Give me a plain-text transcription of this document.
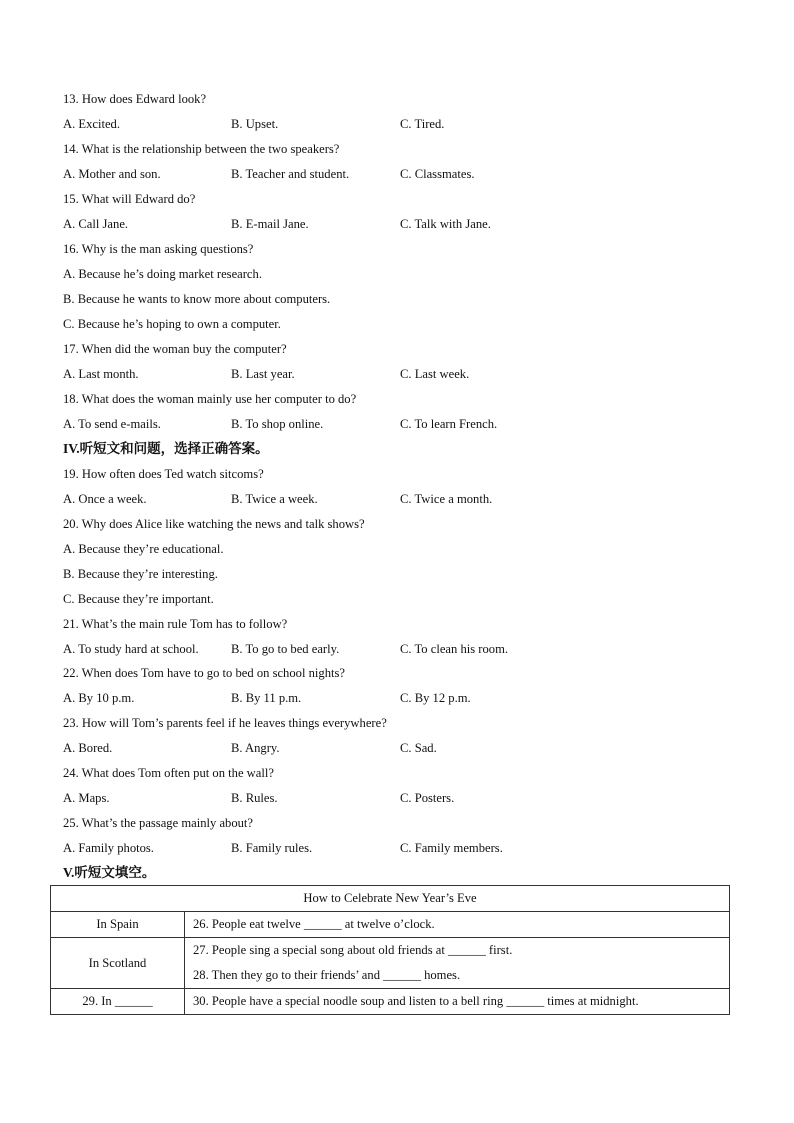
13. How does Edward look?
A. Excited.	B. Upset.	C. Tired.
14. What is the relationship between the two speakers?
A. Mother and son.	B. Teacher and student.	C. Classmates.
15. What will Edward do?
A. Call Jane.	B. E-mail Jane.	C. Talk with Jane.
16. Why is the man asking questions?
A. Because he’s doing market research.
B. Because he wants to know more about computers.
C. Because he’s hoping to own a computer.
17. When did the woman buy the computer?
A. Last month.	B. Last year.	C. Last week.
18. What does the woman mainly use her computer to do?
A. To send e-mails.	B. To shop online.	C. To learn French.
IV.听短文和问题，选择正确答案。
19. How often does Ted watch sitcoms?
A. Once a week.	B. Twice a week.	C. Twice a month.
20. Why does Alice like watching the news and talk shows?
A. Because they’re educational.
B. Because they’re interesting.
C. Because they’re important.
21. What’s the main rule Tom has to follow?
A. To study hard at school.	B. To go to bed early.	C. To clean his room.
22. When does Tom have to go to bed on school nights?
A. By 10 p.m.	B. By 11 p.m.	C. By 12 p.m.
23. How will Tom’s parents feel if he leaves things everywhere?
A. Bored.	B. Angry.	C. Sad.
24. What does Tom often put on the wall?
A. Maps.	B. Rules.	C. Posters.
25. What’s the passage mainly about?
A. Family photos.	B. Family rules.	C. Family members.
V.听短文填空。
How to Celebrate New Year’s Eve	
In Spain	26. People eat twelve ______ at twelve o’clock.

In Scotland	27. People sing a special song about old friends at ______ first.
28. Then they go to their friends’ and ______ homes.

29. In ______	30. People have a special noodle soup and listen to a bell ring ______ times at midnight.
